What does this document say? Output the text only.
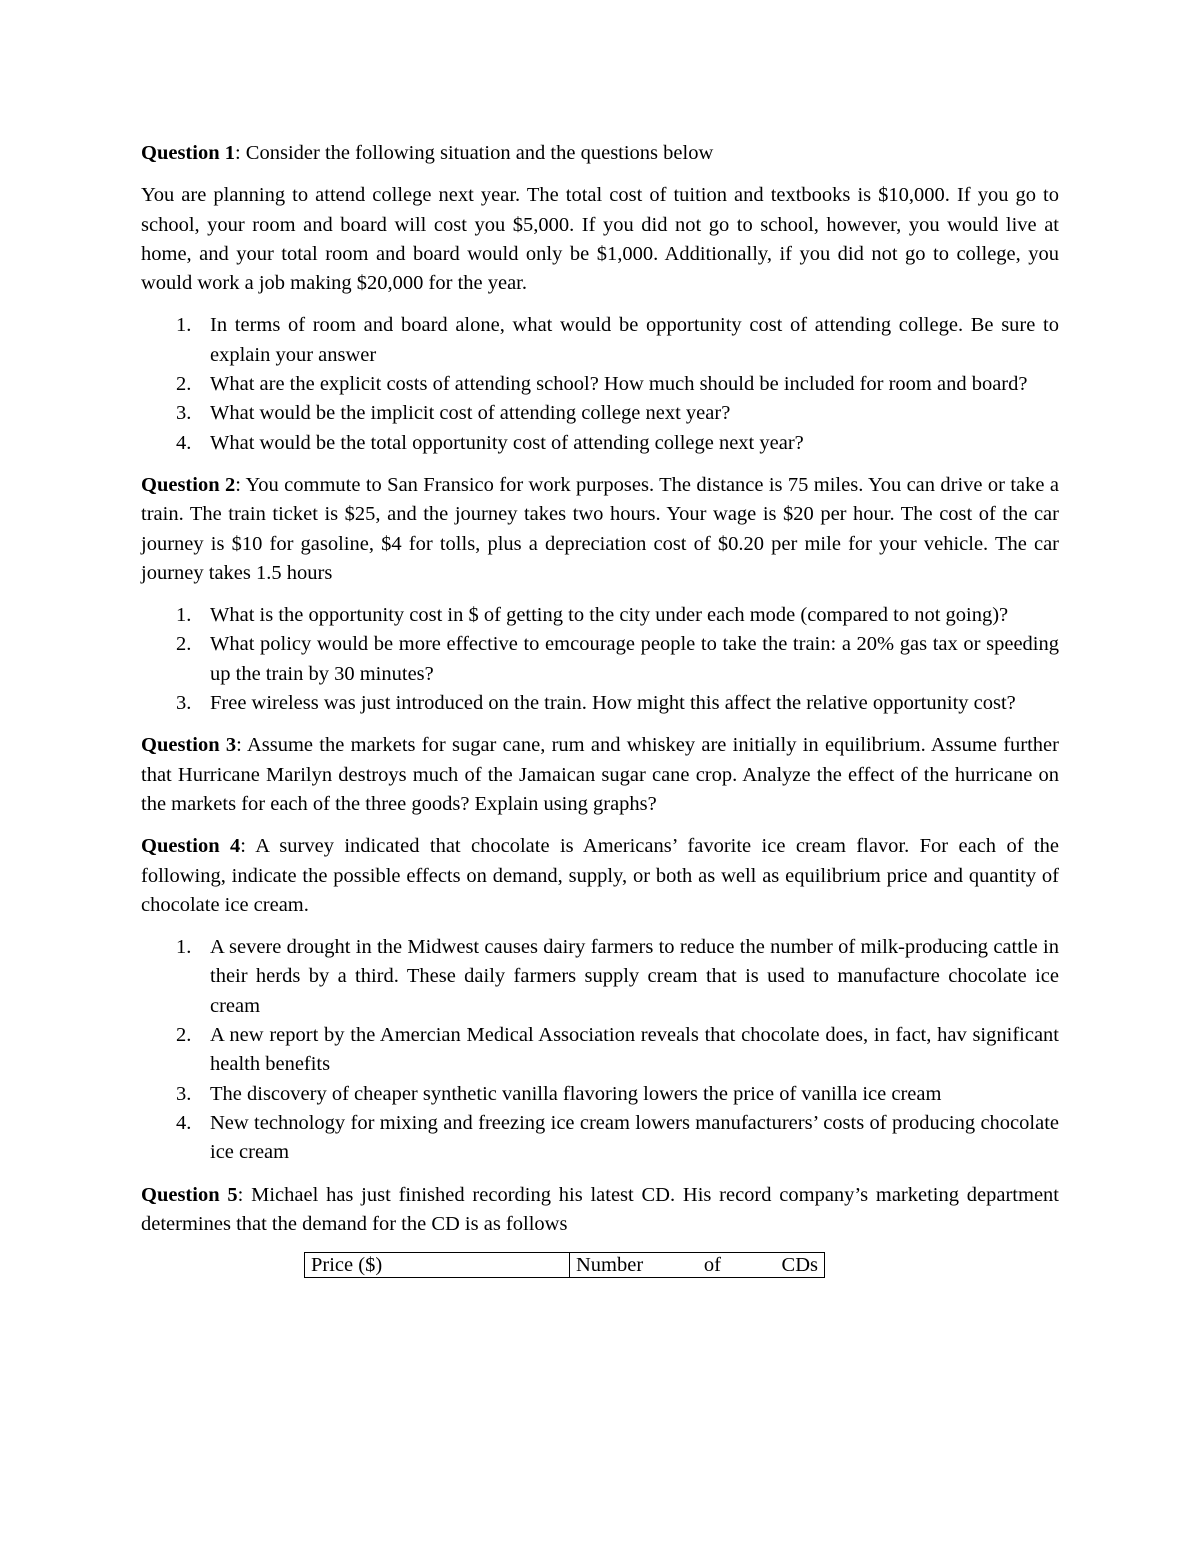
Question 1: Consider the following situation and the questions below

You are planning to attend college next year. The total cost of tuition and textbooks is $10,000. If you go to school, your room and board will cost you $5,000. If you did not go to school, however, you would live at home, and your total room and board would only be $1,000. Additionally, if you did not go to college, you would work a job making $20,000 for the year.

1. In terms of room and board alone, what would be opportunity cost of attending college. Be sure to explain your answer
2. What are the explicit costs of attending school? How much should be included for room and board?
3. What would be the implicit cost of attending college next year?
4. What would be the total opportunity cost of attending college next year?

Question 2: You commute to San Fransico for work purposes. The distance is 75 miles. You can drive or take a train. The train ticket is $25, and the journey takes two hours. Your wage is $20 per hour. The cost of the car journey is $10 for gasoline, $4 for tolls, plus a depreciation cost of $0.20 per mile for your vehicle. The car journey takes 1.5 hours

1. What is the opportunity cost in $ of getting to the city under each mode (compared to not going)?
2. What policy would be more effective to emcourage people to take the train: a 20% gas tax or speeding up the train by 30 minutes?
3. Free wireless was just introduced on the train. How might this affect the relative opportunity cost?

Question 3: Assume the markets for sugar cane, rum and whiskey are initially in equilibrium. Assume further that Hurricane Marilyn destroys much of the Jamaican sugar cane crop. Analyze the effect of the hurricane on the markets for each of the three goods? Explain using graphs?

Question 4: A survey indicated that chocolate is Americans’ favorite ice cream flavor. For each of the following, indicate the possible effects on demand, supply, or both as well as equilibrium price and quantity of chocolate ice cream.

1. A severe drought in the Midwest causes dairy farmers to reduce the number of milk-producing cattle in their herds by a third. These daily farmers supply cream that is used to manufacture chocolate ice cream
2. A new report by the Amercian Medical Association reveals that chocolate does, in fact, hav significant health benefits
3. The discovery of cheaper synthetic vanilla flavoring lowers the price of vanilla ice cream
4. New technology for mixing and freezing ice cream lowers manufacturers’ costs of producing chocolate ice cream

Question 5: Michael has just finished recording his latest CD. His record company’s marketing department determines that the demand for the CD is as follows

Price ($)	Number of CDs
